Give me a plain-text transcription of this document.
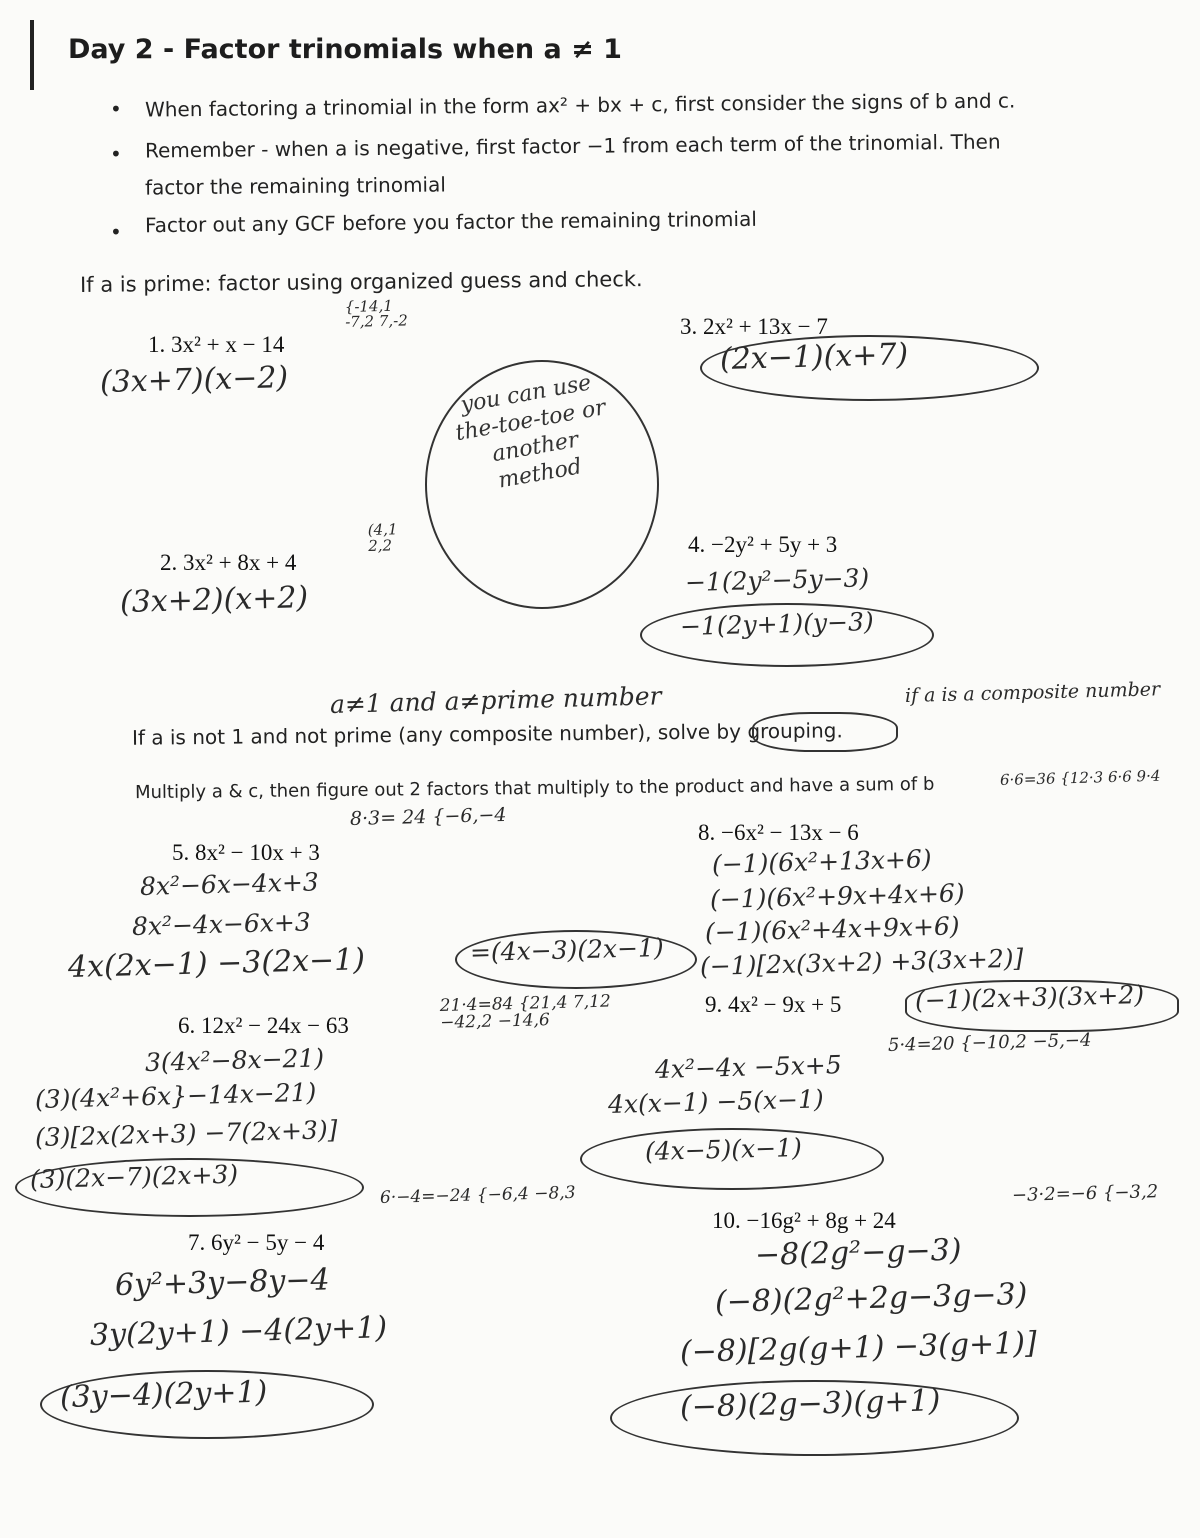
Day 2 - Factor trinomials when a ≠ 1
• When factoring a trinomial in the form ax² + bx + c, first consider the signs of b and c.
• Remember - when a is negative, first factor −1 from each term of the trinomial. Then
factor the remaining trinomial
• Factor out any GCF before you factor the remaining trinomial
If a is prime: factor using organized guess and check.
1. 3x² + x − 14
{-14,1 -7,2 7,-2
(3x+7)(x−2)
3. 2x² + 13x − 7
(2x−1)(x+7)
you can use the-toe-toe or another method
2. 3x² + 8x + 4
(4,1 2,2
(3x+2)(x+2)
4. −2y² + 5y + 3
−1(2y²−5y−3)
−1(2y+1)(y−3)
a≠1 and a≠prime number	if a is a composite number
If a is not 1 and not prime (any composite number), solve by grouping.
Multiply a & c, then figure out 2 factors that multiply to the product and have a sum of b	6·6=36 {12·3 6·6 9·4
8·3= 24 {−6,−4
5. 8x² − 10x + 3
8x²−6x−4x+3
8x²−4x−6x+3
4x(2x−1) −3(2x−1)	=(4x−3)(2x−1)
8. −6x² − 13x − 6
(−1)(6x²+13x+6)
(−1)(6x²+9x+4x+6)
(−1)(6x²+4x+9x+6)
(−1)[2x(3x+2) +3(3x+2)]
(−1)(2x+3)(3x+2)
9. 4x² − 9x + 5
5·4=20 {−10,2 −5,−4
4x²−4x −5x+5
4x(x−1) −5(x−1)
(4x−5)(x−1)
6. 12x² − 24x − 63
21·4=84 {21,4 7,12 −42,2 −14,6
3(4x²−8x−21)
(3)(4x²+6x}−14x−21)
(3)[2x(2x+3) −7(2x+3)]
(3)(2x−7)(2x+3)
7. 6y² − 5y − 4
6·−4=−24 {−6,4 −8,3
6y²+3y−8y−4
3y(2y+1) −4(2y+1)
(3y−4)(2y+1)
10. −16g² + 8g + 24
−3·2=−6 {−3,2
−8(2g²−g−3)
(−8)(2g²+2g−3g−3)
(−8)[2g(g+1) −3(g+1)]
(−8)(2g−3)(g+1)
